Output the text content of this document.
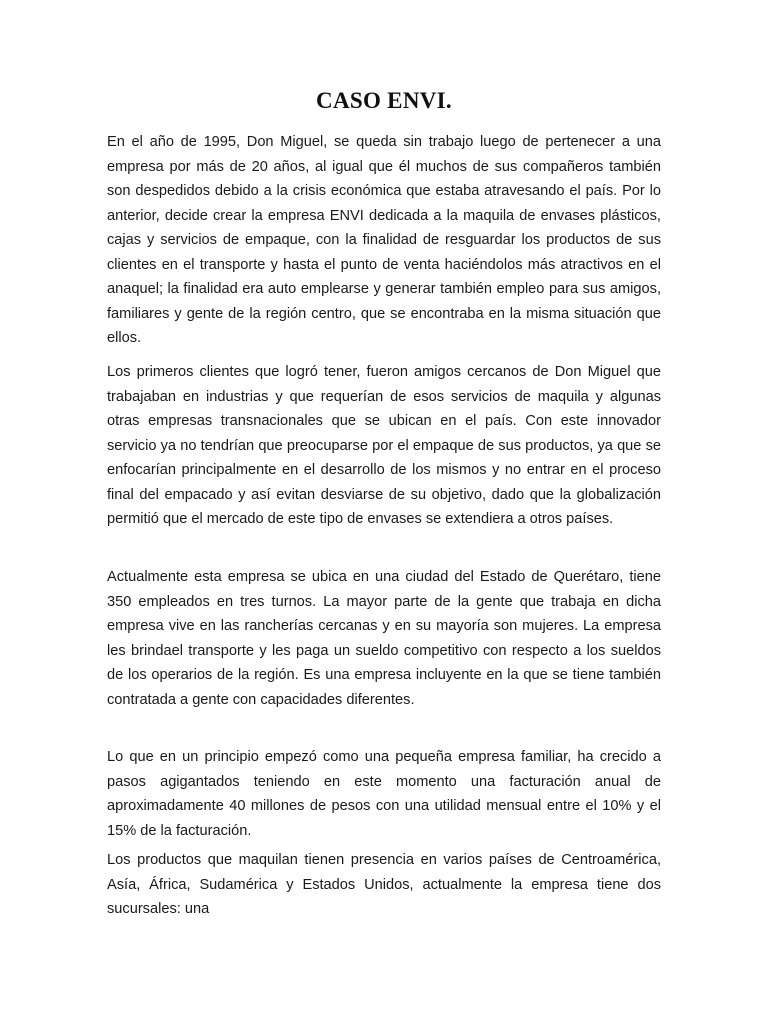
CASO ENVI.

En el año de 1995, Don Miguel, se queda sin trabajo luego de pertenecer a una empresa por más de 20 años, al igual que él muchos de sus compañeros también son despedidos debido a la crisis económica que estaba atravesando el país. Por lo anterior, decide crear la empresa ENVI dedicada a la maquila de envases plásticos, cajas y servicios de empaque, con la finalidad de resguardar los productos de sus clientes en el transporte y hasta el punto de venta haciéndolos más atractivos en el anaquel; la finalidad era auto emplearse y generar también empleo para sus amigos, familiares y gente de la región centro, que se encontraba en la misma situación que ellos.

Los primeros clientes que logró tener, fueron amigos cercanos de Don Miguel que trabajaban en industrias y que requerían de esos servicios de maquila y algunas otras empresas transnacionales que se ubican en el país. Con este innovador servicio ya no tendrían que preocuparse por el empaque de sus productos, ya que se enfocarían principalmente en el desarrollo de los mismos y no entrar en el proceso final del empacado y así evitan desviarse de su objetivo, dado que la globalización permitió que el mercado de este tipo de envases se extendiera a otros países.

Actualmente esta empresa se ubica en una ciudad del Estado de Querétaro, tiene 350 empleados en tres turnos. La mayor parte de la gente que trabaja en dicha empresa vive en las rancherías cercanas y en su mayoría son mujeres. La empresa les brindael transporte y les paga un sueldo competitivo con respecto a los sueldos de los operarios de la región. Es una empresa incluyente en la que se tiene también contratada a gente con capacidades diferentes.

Lo que en un principio empezó como una pequeña empresa familiar, ha crecido a pasos agigantados teniendo en este momento una facturación anual de aproximadamente 40 millones de pesos con una utilidad mensual entre el 10% y el 15% de la facturación.

Los productos que maquilan tienen presencia en varios países de Centroamérica, Asía, África, Sudamérica y Estados Unidos, actualmente la empresa tiene dos sucursales: una
